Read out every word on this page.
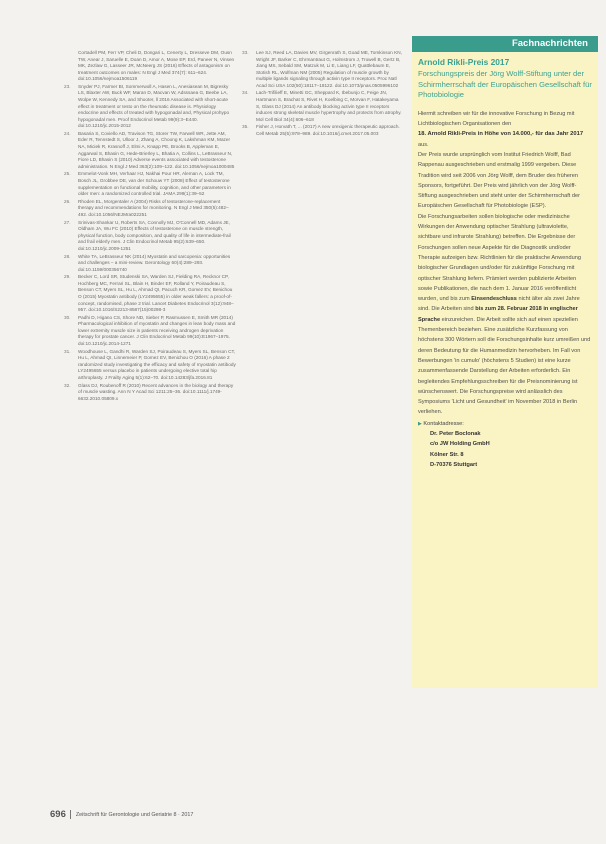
Cortadell PM, Ferr VP, Cheli D, Dongari L, Cenerty L, Dresseve DM, Ousn TW, Anear J, Saruelle E, Doan D, Amor A, Mose EP, Erd, Paneer N, Vinsen MK, Zezlaw G, Lasseer JR, McNeerg JS (2016) Effects of antagonism on treatment outcomes on males: N Engl J Med 374(7): 611–624. doi:10.1056/nejmoa1506119
23.	Snyder PJ, Farmer BI, Sommerwoll A, Hasen L, Anesiasean M, Bigresky LS, Blaxter AW, Buck WF, Maran D, Macvan W, Adsssaea G, Beebe LA, Wolpe W, Kennedy SA, and Shooter, ll 2016 Associated with short-acute effect in treatment or testo on the rheumatic disease is. Physiology endocrine and effects of treated with hypogonadal and, Physical prohypo hypogonadal men. Proof Endocrinol Metab 99(9):3–E440. doi:10.1210/jc.2015-2012
24.	Basaria S, Coviello AD, Travison TG, Storer TW, Farwell WR, Jette AM, Eder R, Tennstedt S, Ulloor J, Zhang A, Choong K, Lakshman KM, Mazer NA, Miciek R, Krasnoff J, Elmi A, Knapp PE, Brooks B, Appleman E, Aggarwal S, Bhasin G, Hede-Brierley L, Bhatia A, Collins L, LeBrasseur N, Fiore LD, Bhasin S (2010) Adverse events associated with testosterone administration. N Engl J Med 363(2):109–122. doi:10.1056/nejmoa1000485
25.	Emmelot-Vonk MH, Verhaar HJ, Nakhai Pour HR, Aleman A, Lock TM, Bosch JL, Grobbee DE, van der Schouw YT (2008) Effect of testosterone supplementation on functional mobility, cognition, and other parameters in older men: a randomized controlled trial. JAMA 299(1):39–52
26.	Rhoden EL, Morgentaler A (2004) Risks of testosterone-replacement therapy and recommendations for monitoring. N Engl J Med 350(5):482–492. doi:10.1056/NEJMra022251
27.	Srinivas-Shankar U, Roberts SA, Connolly MJ, O'Connell MD, Adams JE, Oldham JA, Wu FC (2010) Effects of testosterone on muscle strength, physical function, body composition, and quality of life in intermediate-frail and frail elderly men. J Clin Endocrinol Metab 95(2):639–650. doi:10.1210/jc.2009-1251
28.	White TA, LeBrasseur NK (2014) Myostatin and sarcopenia: opportunities and challenges – a mini-review. Gerontology 60(4):289–293. doi:10.1159/000356740
29.	Becker C, Lord SR, Studenski SA, Warden SJ, Fielding RA, Recknor CP, Hochberg MC, Ferrari SL, Blain H, Binder EF, Rolland Y, Poiraudeau S, Benson CT, Myers SL, Hu L, Ahmad QI, Pacuch KR, Gomez EV, Benichou O (2015) Myostatin antibody (LY2495655) in older weak fallers: a proof-of-concept, randomised, phase 2 trial. Lancet Diabetes Endocrinol 3(12):948–957. doi:10.1016/S2213-8587(15)00298-3
30.	Padhi D, Higano CS, Shore ND, Sieber P, Rasmussen E, Smith MR (2014) Pharmacological inhibition of myostatin and changes in lean body mass and lower extremity muscle size in patients receiving androgen deprivation therapy for prostate cancer. J Clin Endocrinol Metab 99(10):E1967–1975. doi:10.1210/jc.2014-1271
31.	Woodhouse L, Gandhi R, Warden SJ, Poiraudeau S, Myers SL, Benson CT, Hu L, Ahmad QI, Linnemeier P, Gomez EV, Benichou O (2016) A phase 2 randomized study investigating the efficacy and safety of myostatin antibody LY2495655 versus placebo in patients undergoing elective total hip arthroplasty. J Frailty Aging 5(1):62–70. doi:10.14283/jfa.2016.81
32.	Glass DJ, Roubenoff R (2010) Recent advances in the biology and therapy of muscle wasting. Ann N Y Acad Sci 1211:25–36. doi:10.1111/j.1749-6632.2010.05809.x
33.	Lee SJ, Reed LA, Davies MV, Girgenrath S, Goad ME, Tomkinson KN, Wright JF, Barker C, Ehrmantraut G, Holmstrom J, Trowell B, Gertz B, Jiang MS, Sebald SM, Matzuk M, Li E, Liang LF, Quattlebaum E, Stotish RL, Wolfman NM (2005) Regulation of muscle growth by multiple ligands signaling through activin type II receptors. Proc Natl Acad Sci USA 102(50):18117–18122. doi:10.1073/pnas.0505996102
34.	Lach-Trifilieff E, Minetti GC, Sheppard K, Ibebunjo C, Feige JN, Hartmann S, Brachat S, Rivet H, Koelbing C, Morvan F, Hatakeyama S, Glass DJ (2014) An antibody blocking activin type II receptors induces strong skeletal muscle hypertrophy and protects from atrophy. Mol Cell Biol 34(4):606–618
35.	Fisher J, Horvath T, ... (2017) A new orexigenic therapeutic approach. Cell Metab 25(5):978–989. doi:10.1016/j.cmet.2017.05.003
Fachnachrichten

Arnold Rikli-Preis 2017

Forschungspreis der Jörg Wolff-Stiftung unter der Schirmherrschaft der Europäischen Gesellschaft für Photobiologie

Hiermit schreiben wir für die innovative Forschung in Bezug mit Lichtbiologischen Organisationen den

18. Arnold Rikli-Preis in Höhe von 14.000,- für das Jahr 2017

aus.

Der Preis wurde ursprünglich vom Institut Friedrich Wolff, Bad Rappenau ausgeschrieben und erstmalig 1999 vergeben. Diese Tradition wird seit 2006 von Jörg Wolff, dem Bruder des früheren Sponsors, fortgeführt. Der Preis wird jährlich von der Jörg Wolff-Stiftung ausgeschrieben und steht unter der Schirmherrschaft der Europäischen Gesellschaft für Photobiologie (ESP).

Die Forschungsarbeiten sollen biologische oder medizinische Wirkungen der Anwendung optischer Strahlung (ultraviolette, sichtbare und infrarote Strahlung) betreffen. Die Ergebnisse der Forschungen sollen neue Aspekte für die Diagnostik und/oder Therapie aufzeigen bzw. Richtlinien für die praktische Anwendung biologischer Grundlagen und/oder für zukünftige Forschung mit optischer Strahlung liefern. Prämiert werden publizierte Arbeiten sowie Publikationen, die nach dem 1. Januar 2016 veröffentlicht wurden, und bis zum Einsendeschluss nicht älter als zwei Jahre sind. Die Arbeiten sind bis zum 28. Februar 2018 in englischer Sprache einzureichen. Die Arbeit sollte sich auf einen speziellen Themenbereich beziehen. Eine zusätzliche Kurzfassung von höchstens 300 Wörtern soll die Forschungsinhalte kurz umreißen und deren Bedeutung für die Humanmedizin hervorheben. Im Fall von Bewerbungen 'in cumulo' (höchstens 5 Studien) ist eine kurze zusammenfassende Darstellung der Arbeiten erforderlich. Ein begleitendes Empfehlungsschreiben für die Preisnominierung ist wünschenswert. Die Forschungspreise wird anlässlich des Symposiums 'Licht und Gesundheit' im November 2018 in Berlin verliehen.

▶ Kontaktadresse:

Dr. Peter Boclonak

c/o JW Holding GmbH

Kölner Str. 8

D-70376 Stuttgart

696 Zeitschrift für Gerontologie und Geriatrie 8 · 2017
